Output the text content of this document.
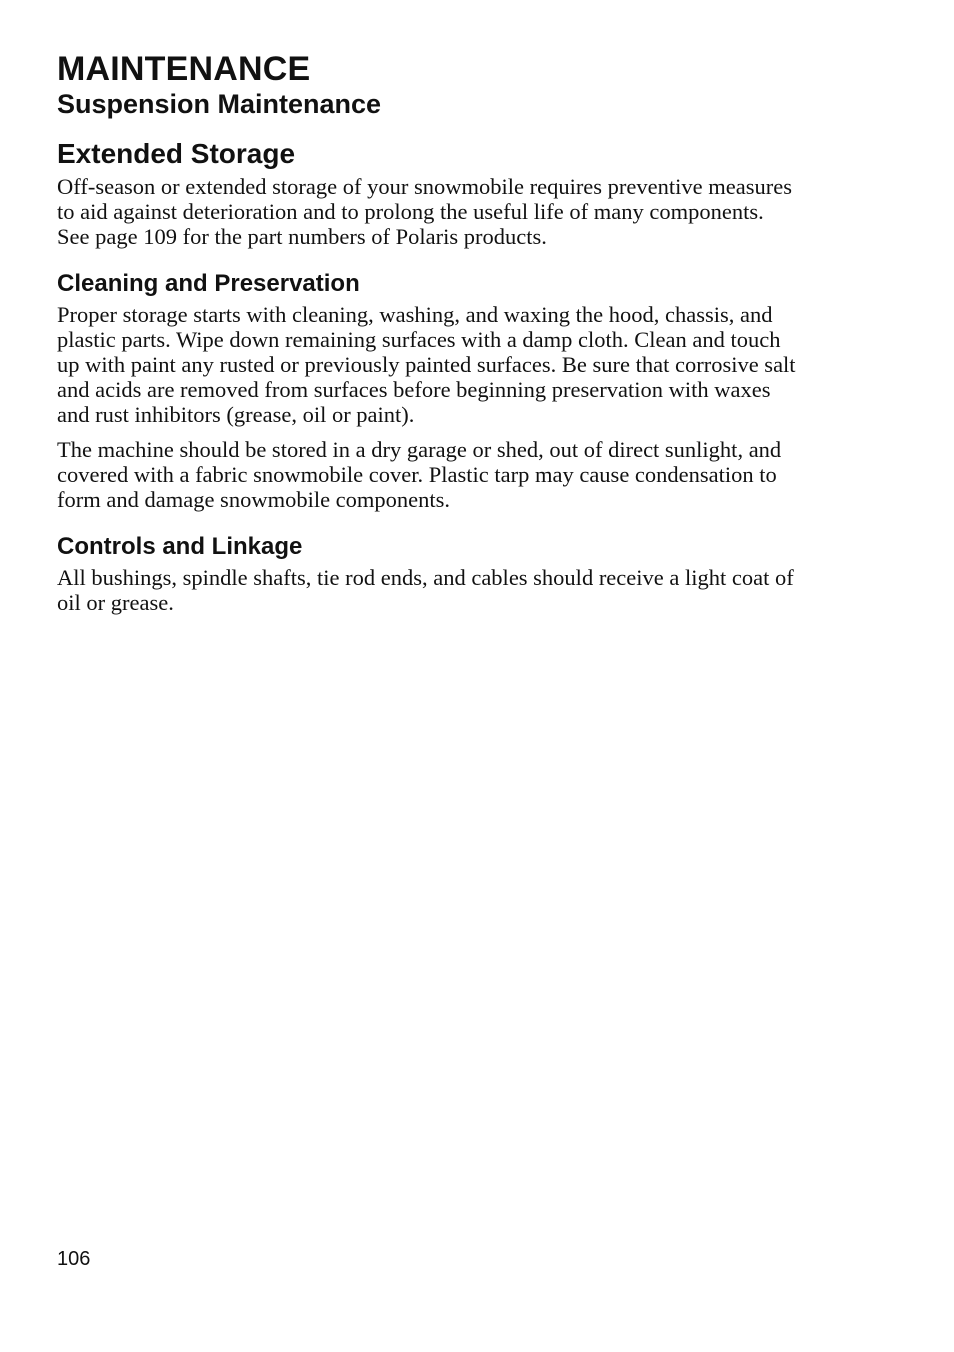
MAINTENANCE
Suspension Maintenance
Extended Storage

Off-season or extended storage of your snowmobile requires preventive measures to aid against deterioration and to prolong the useful life of many components. See page 109 for the part numbers of Polaris products.

Cleaning and Preservation

Proper storage starts with cleaning, washing, and waxing the hood, chassis, and plastic parts. Wipe down remaining surfaces with a damp cloth. Clean and touch up with paint any rusted or previously painted surfaces. Be sure that corrosive salt and acids are removed from surfaces before beginning preservation with waxes and rust inhibitors (grease, oil or paint).

The machine should be stored in a dry garage or shed, out of direct sunlight, and covered with a fabric snowmobile cover. Plastic tarp may cause condensation to form and damage snowmobile components.

Controls and Linkage

All bushings, spindle shafts, tie rod ends, and cables should receive a light coat of oil or grease.

106
